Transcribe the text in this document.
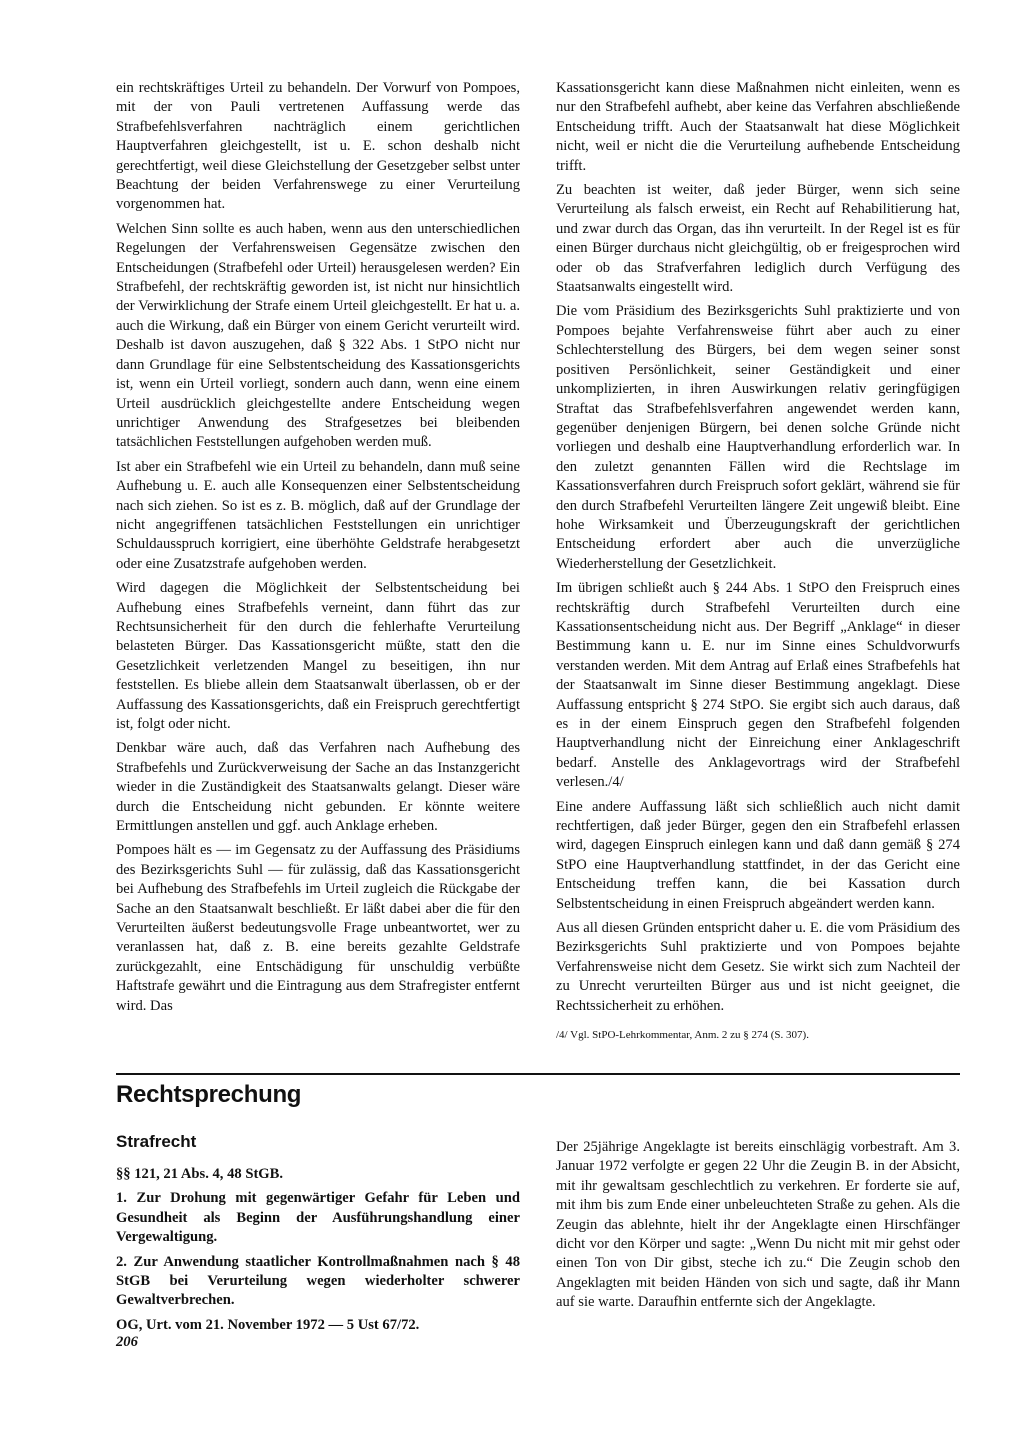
ein rechtskräftiges Urteil zu behandeln. Der Vorwurf von Pompoes, mit der von Pauli vertretenen Auffassung werde das Strafbefehlsverfahren nachträglich einem gerichtlichen Hauptverfahren gleichgestellt, ist u. E. schon deshalb nicht gerechtfertigt, weil diese Gleichstellung der Gesetzgeber selbst unter Beachtung der beiden Verfahrenswege zu einer Verurteilung vorgenommen hat.

Welchen Sinn sollte es auch haben, wenn aus den unterschiedlichen Regelungen der Verfahrensweisen Gegensätze zwischen den Entscheidungen (Strafbefehl oder Urteil) herausgelesen werden? Ein Strafbefehl, der rechtskräftig geworden ist, ist nicht nur hinsichtlich der Verwirklichung der Strafe einem Urteil gleichgestellt. Er hat u. a. auch die Wirkung, daß ein Bürger von einem Gericht verurteilt wird. Deshalb ist davon auszugehen, daß § 322 Abs. 1 StPO nicht nur dann Grundlage für eine Selbstentscheidung des Kassationsgerichts ist, wenn ein Urteil vorliegt, sondern auch dann, wenn eine einem Urteil ausdrücklich gleichgestellte andere Entscheidung wegen unrichtiger Anwendung des Strafgesetzes bei bleibenden tatsächlichen Feststellungen aufgehoben werden muß.

Ist aber ein Strafbefehl wie ein Urteil zu behandeln, dann muß seine Aufhebung u. E. auch alle Konsequenzen einer Selbstentscheidung nach sich ziehen. So ist es z. B. möglich, daß auf der Grundlage der nicht angegriffenen tatsächlichen Feststellungen ein unrichtiger Schuldausspruch korrigiert, eine überhöhte Geldstrafe herabgesetzt oder eine Zusatzstrafe aufgehoben werden.

Wird dagegen die Möglichkeit der Selbstentscheidung bei Aufhebung eines Strafbefehls verneint, dann führt das zur Rechtsunsicherheit für den durch die fehlerhafte Verurteilung belasteten Bürger. Das Kassationsgericht müßte, statt den die Gesetzlichkeit verletzenden Mangel zu beseitigen, ihn nur feststellen. Es bliebe allein dem Staatsanwalt überlassen, ob er der Auffassung des Kassationsgerichts, daß ein Freispruch gerechtfertigt ist, folgt oder nicht.

Denkbar wäre auch, daß das Verfahren nach Aufhebung des Strafbefehls und Zurückverweisung der Sache an das Instanzgericht wieder in die Zuständigkeit des Staatsanwalts gelangt. Dieser wäre durch die Entscheidung nicht gebunden. Er könnte weitere Ermittlungen anstellen und ggf. auch Anklage erheben.

Pompoes hält es — im Gegensatz zu der Auffassung des Präsidiums des Bezirksgerichts Suhl — für zulässig, daß das Kassationsgericht bei Aufhebung des Strafbefehls im Urteil zugleich die Rückgabe der Sache an den Staatsanwalt beschließt. Er läßt dabei aber die für den Verurteilten äußerst bedeutungsvolle Frage unbeantwortet, wer zu veranlassen hat, daß z. B. eine bereits gezahlte Geldstrafe zurückgezahlt, eine Entschädigung für unschuldig verbüßte Haftstrafe gewährt und die Eintragung aus dem Strafregister entfernt wird. Das

Kassationsgericht kann diese Maßnahmen nicht einleiten, wenn es nur den Strafbefehl aufhebt, aber keine das Verfahren abschließende Entscheidung trifft. Auch der Staatsanwalt hat diese Möglichkeit nicht, weil er nicht die die Verurteilung aufhebende Entscheidung trifft.

Zu beachten ist weiter, daß jeder Bürger, wenn sich seine Verurteilung als falsch erweist, ein Recht auf Rehabilitierung hat, und zwar durch das Organ, das ihn verurteilt. In der Regel ist es für einen Bürger durchaus nicht gleichgültig, ob er freigesprochen wird oder ob das Strafverfahren lediglich durch Verfügung des Staatsanwalts eingestellt wird.

Die vom Präsidium des Bezirksgerichts Suhl praktizierte und von Pompoes bejahte Verfahrensweise führt aber auch zu einer Schlechterstellung des Bürgers, bei dem wegen seiner sonst positiven Persönlichkeit, seiner Geständigkeit und einer unkomplizierten, in ihren Auswirkungen relativ geringfügigen Straftat das Strafbefehlsverfahren angewendet werden kann, gegenüber denjenigen Bürgern, bei denen solche Gründe nicht vorliegen und deshalb eine Hauptverhandlung erforderlich war. In den zuletzt genannten Fällen wird die Rechtslage im Kassationsverfahren durch Freispruch sofort geklärt, während sie für den durch Strafbefehl Verurteilten längere Zeit ungewiß bleibt. Eine hohe Wirksamkeit und Überzeugungskraft der gerichtlichen Entscheidung erfordert aber auch die unverzügliche Wiederherstellung der Gesetzlichkeit.

Im übrigen schließt auch § 244 Abs. 1 StPO den Freispruch eines rechtskräftig durch Strafbefehl Verurteilten durch eine Kassationsentscheidung nicht aus. Der Begriff „Anklage“ in dieser Bestimmung kann u. E. nur im Sinne eines Schuldvorwurfs verstanden werden. Mit dem Antrag auf Erlaß eines Strafbefehls hat der Staatsanwalt im Sinne dieser Bestimmung angeklagt. Diese Auffassung entspricht § 274 StPO. Sie ergibt sich auch daraus, daß es in der einem Einspruch gegen den Strafbefehl folgenden Hauptverhandlung nicht der Einreichung einer Anklageschrift bedarf. Anstelle des Anklagevortrags wird der Strafbefehl verlesen./4/

Eine andere Auffassung läßt sich schließlich auch nicht damit rechtfertigen, daß jeder Bürger, gegen den ein Strafbefehl erlassen wird, dagegen Einspruch einlegen kann und daß dann gemäß § 274 StPO eine Hauptverhandlung stattfindet, in der das Gericht eine Entscheidung treffen kann, die bei Kassation durch Selbstentscheidung in einen Freispruch abgeändert werden kann.

Aus all diesen Gründen entspricht daher u. E. die vom Präsidium des Bezirksgerichts Suhl praktizierte und von Pompoes bejahte Verfahrensweise nicht dem Gesetz. Sie wirkt sich zum Nachteil der zu Unrecht verurteilten Bürger aus und ist nicht geeignet, die Rechtssicherheit zu erhöhen.

/4/ Vgl. StPO-Lehrkommentar, Anm. 2 zu § 274 (S. 307).

Rechtsprechung

Strafrecht

§§ 121, 21 Abs. 4, 48 StGB.

1. Zur Drohung mit gegenwärtiger Gefahr für Leben und Gesundheit als Beginn der Ausführungshandlung einer Vergewaltigung.

2. Zur Anwendung staatlicher Kontrollmaßnahmen nach § 48 StGB bei Verurteilung wegen wiederholter schwerer Gewaltverbrechen.

OG, Urt. vom 21. November 1972 — 5 Ust 67/72.

Der 25jährige Angeklagte ist bereits einschlägig vorbestraft. Am 3. Januar 1972 verfolgte er gegen 22 Uhr die Zeugin B. in der Absicht, mit ihr gewaltsam geschlechtlich zu verkehren. Er forderte sie auf, mit ihm bis zum Ende einer unbeleuchteten Straße zu gehen. Als die Zeugin das ablehnte, hielt ihr der Angeklagte einen Hirschfänger dicht vor den Körper und sagte: „Wenn Du nicht mit mir gehst oder einen Ton von Dir gibst, steche ich zu.“ Die Zeugin schob den Angeklagten mit beiden Händen von sich und sagte, daß ihr Mann auf sie warte. Daraufhin entfernte sich der Angeklagte.

206
